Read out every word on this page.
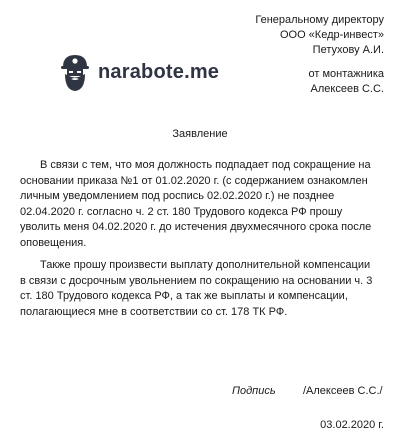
Генеральному директору
ООО «Кедр-инвест»
Петухову А.И.
narabote.me	от монтажника
Алексеев С.С.
Заявление

В связи с тем, что моя должность подпадает под сокращение на
основании приказа №1 от 01.02.2020 г. (с содержанием ознакомлен
личным уведомлением под роспись 02.02.2020 г.) не позднее
02.04.2020 г. согласно ч. 2 ст. 180 Трудового кодекса РФ прошу
уволить меня 04.02.2020 г. до истечения двухмесячного срока после
оповещения.

Также прошу произвести выплату дополнительной компенсации
в связи с досрочным увольнением по сокращению на основании ч. 3
ст. 180 Трудового кодекса РФ, а так же выплаты и компенсации,
полагающиеся мне в соответствии со ст. 178 ТК РФ.

Подпись /Алексеев С.С./
03.02.2020 г.
